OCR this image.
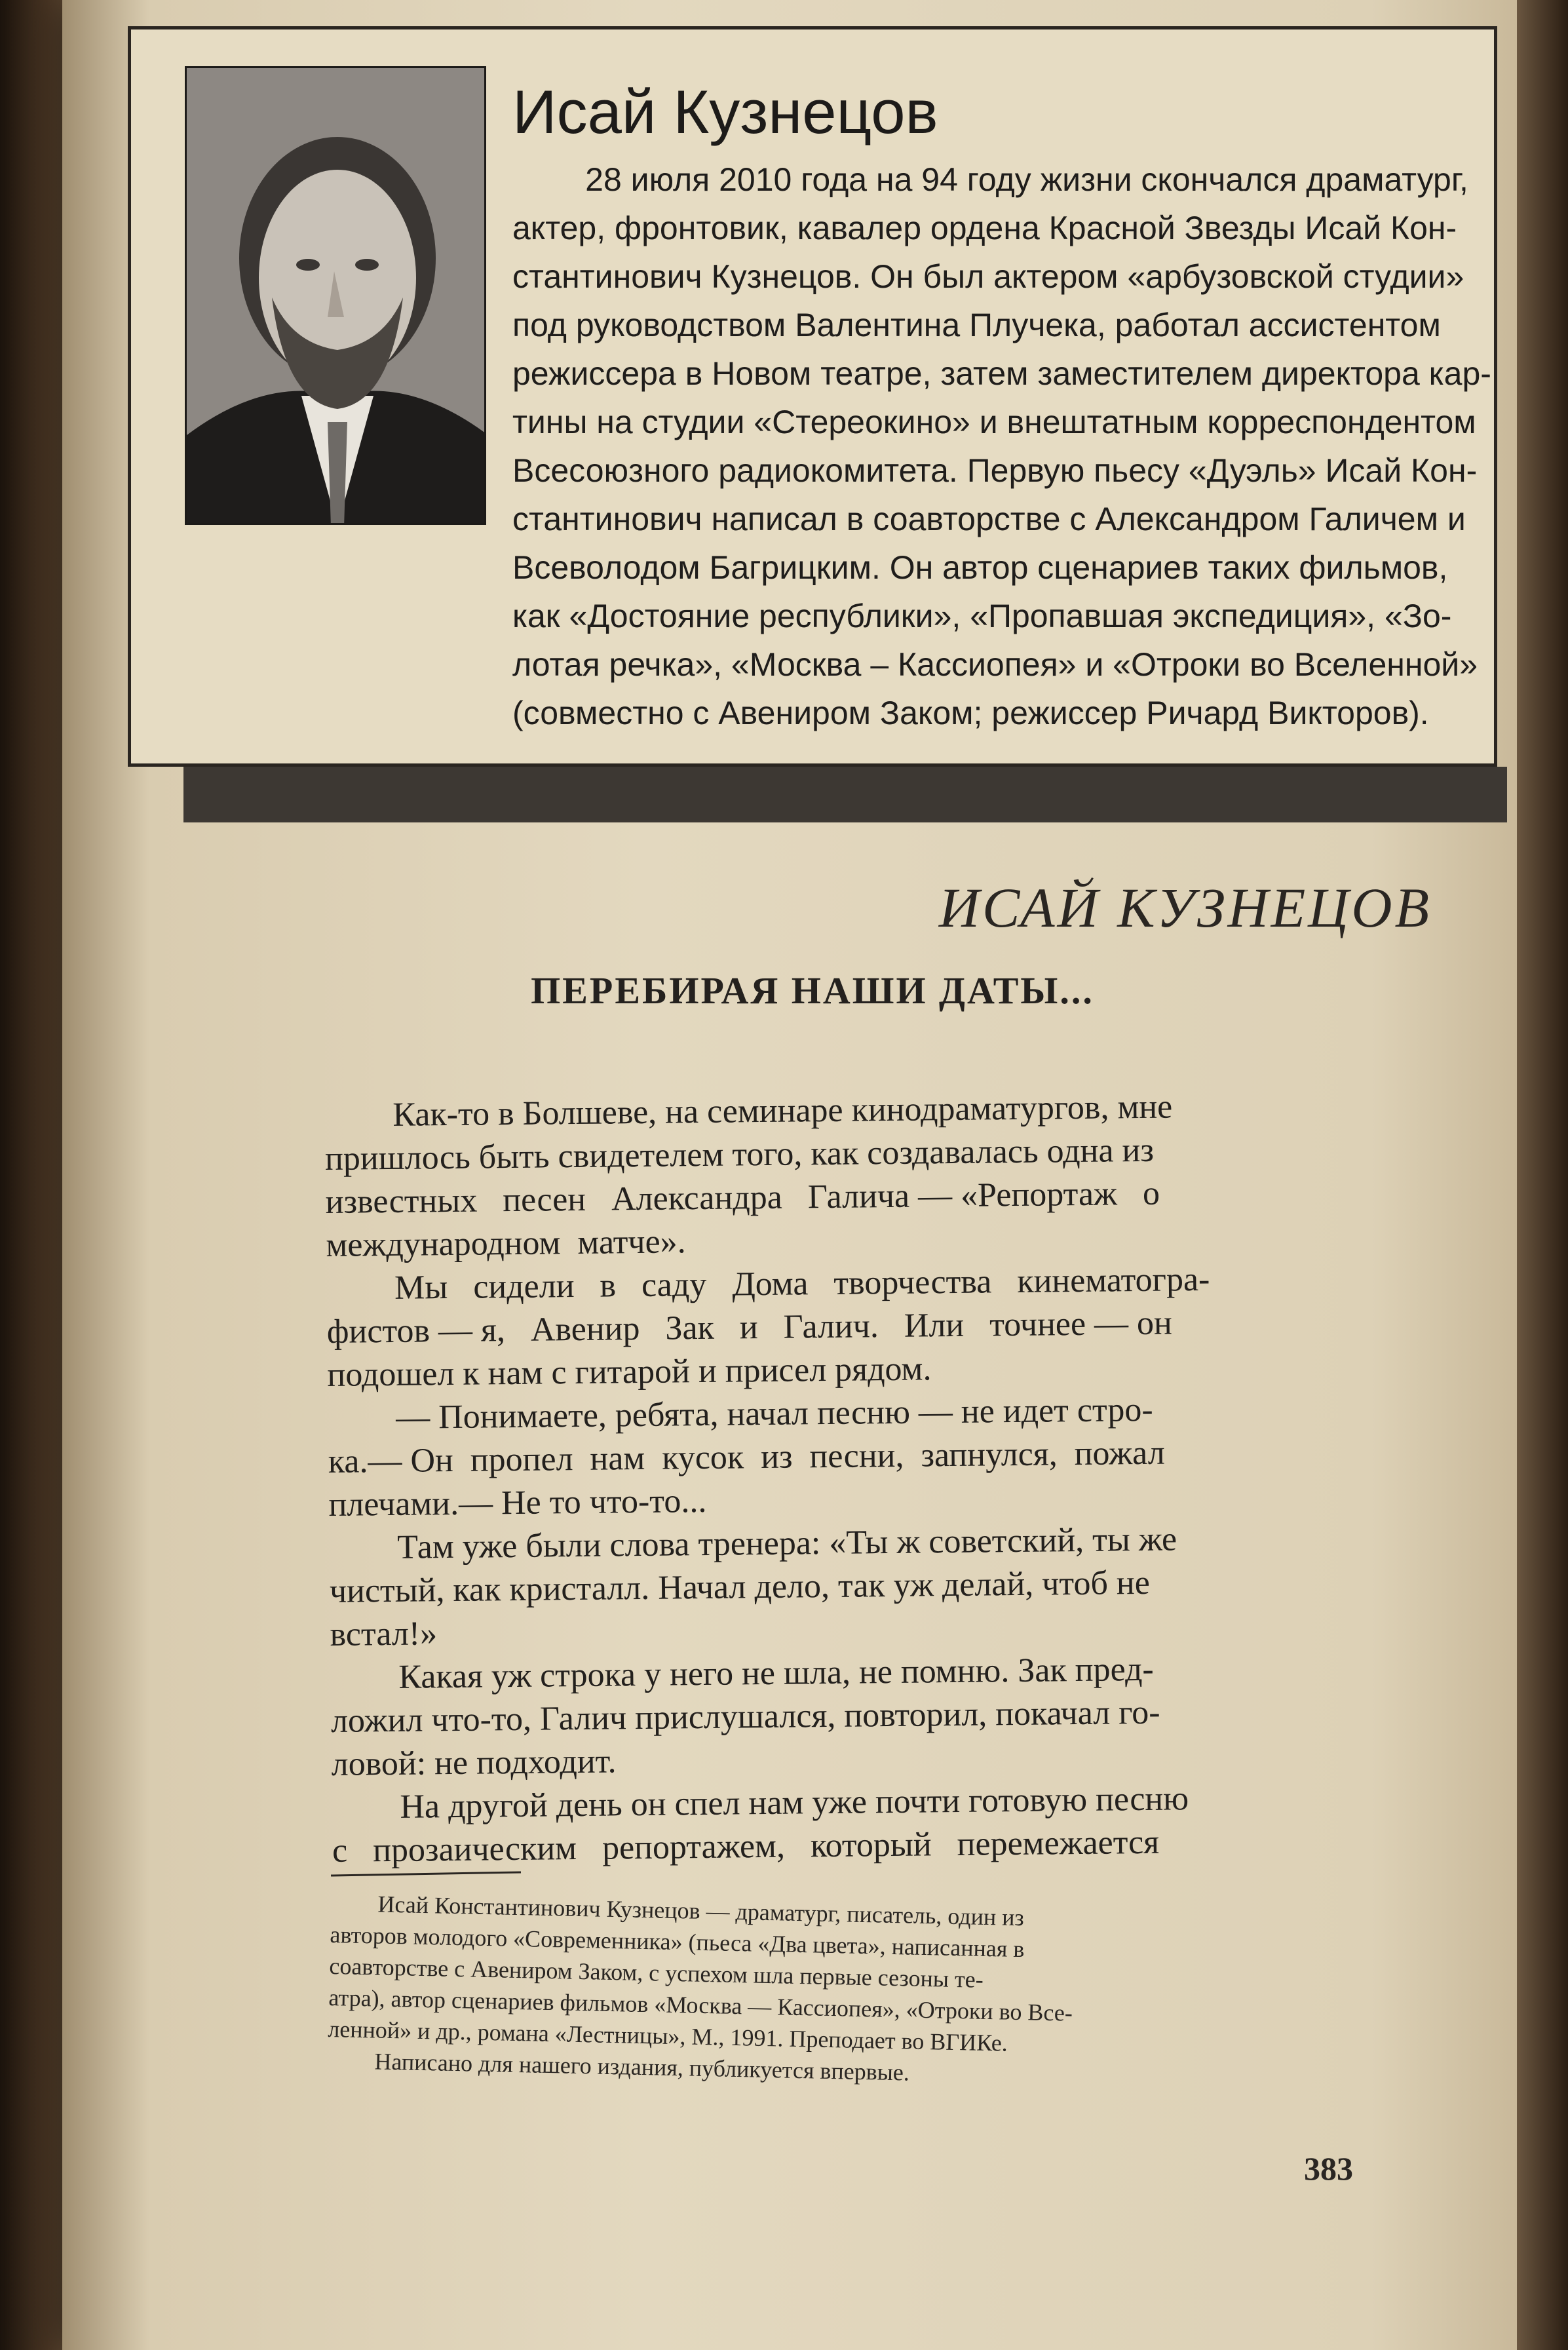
Исай Кузнецов
28 июля 2010 года на 94 году жизни скончался драматург,
актер, фронтовик, кавалер ордена Красной Звезды Исай Кон-
стантинович Кузнецов. Он был актером «арбузовской студии»
под руководством Валентина Плучека, работал ассистентом
режиссера в Новом театре, затем заместителем директора кар-
тины на студии «Стереокино» и внештатным корреспондентом
Всесоюзного радиокомитета. Первую пьесу «Дуэль» Исай Кон-
стантинович написал в соавторстве с Александром Галичем и
Всеволодом Багрицким. Он автор сценариев таких фильмов,
как «Достояние республики», «Пропавшая экспедиция», «Зо-
лотая речка», «Москва – Кассиопея» и «Отроки во Вселенной»
(совместно с Авениром Заком; режиссер Ричард Викторов).
ИСАЙ КУЗНЕЦОВ
ПЕРЕБИРАЯ НАШИ ДАТЫ...
Как-то в Болшеве, на семинаре кинодраматургов, мне
пришлось быть свидетелем того, как создавалась одна из
известных   песен   Александра   Галича — «Репортаж   о
международном  матче».
Мы   сидели   в   саду   Дома   творчества   кинематогра-
фистов — я,   Авенир   Зак   и   Галич.   Или   точнее — он
подошел к нам с гитарой и присел рядом.
— Понимаете, ребята, начал песню — не идет стро-
ка.— Он  пропел  нам  кусок  из  песни,  запнулся,  пожал
плечами.— Не то что-то...
Там уже были слова тренера: «Ты ж советский, ты же
чистый, как кристалл. Начал дело, так уж делай, чтоб не
встал!»
Какая уж строка у него не шла, не помню. Зак пред-
ложил что-то, Галич прислушался, повторил, покачал го-
ловой: не подходит.
На другой день он спел нам уже почти готовую песню
с   прозаическим   репортажем,   который   перемежается
Исай Константинович Кузнецов — драматург, писатель, один из
авторов молодого «Современника» (пьеса «Два цвета», написанная в
соавторстве с Авениром Заком, с успехом шла первые сезоны те-
атра), автор сценариев фильмов «Москва — Кассиопея», «Отроки во Все-
ленной» и др., романа «Лестницы», М., 1991. Преподает во ВГИКе.
Написано для нашего издания, публикуется впервые.
383
